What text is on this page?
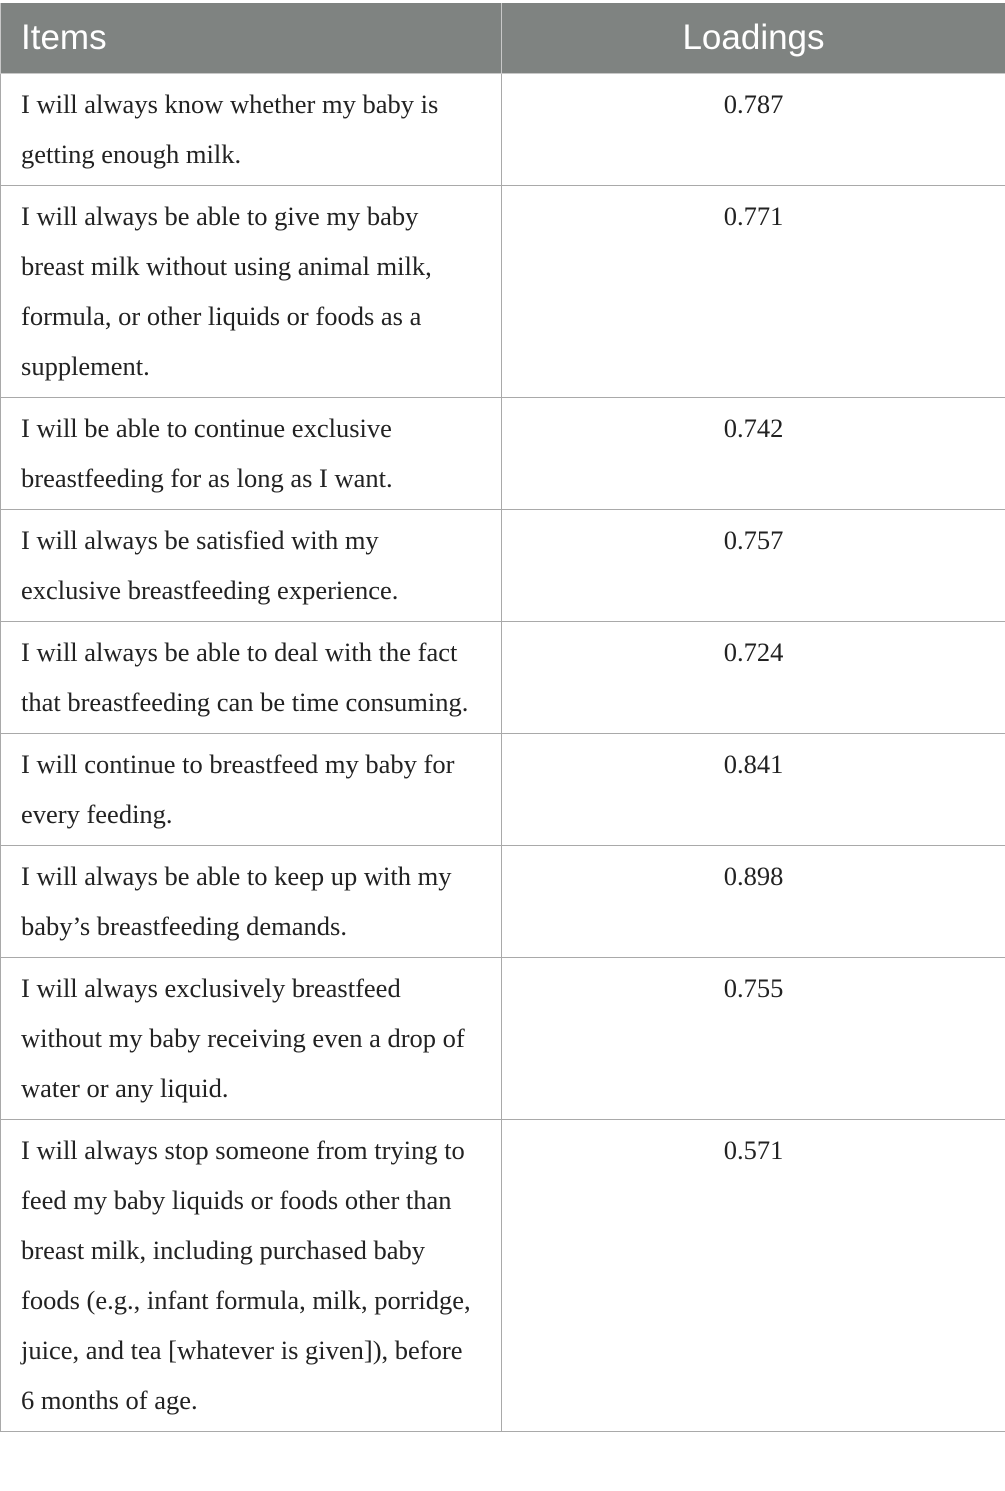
Items	Loadings
I will always know whether my baby is getting enough milk.	0.787
I will always be able to give my baby breast milk without using animal milk, formula, or other liquids or foods as a supplement.	0.771
I will be able to continue exclusive breastfeeding for as long as I want.	0.742
I will always be satisfied with my exclusive breastfeeding experience.	0.757
I will always be able to deal with the fact that breastfeeding can be time consuming.	0.724
I will continue to breastfeed my baby for every feeding.	0.841
I will always be able to keep up with my baby’s breastfeeding demands.	0.898
I will always exclusively breastfeed without my baby receiving even a drop of water or any liquid.	0.755
I will always stop someone from trying to feed my baby liquids or foods other than breast milk, including purchased baby foods (e.g., infant formula, milk, porridge, juice, and tea [whatever is given]), before 6 months of age.	0.571
